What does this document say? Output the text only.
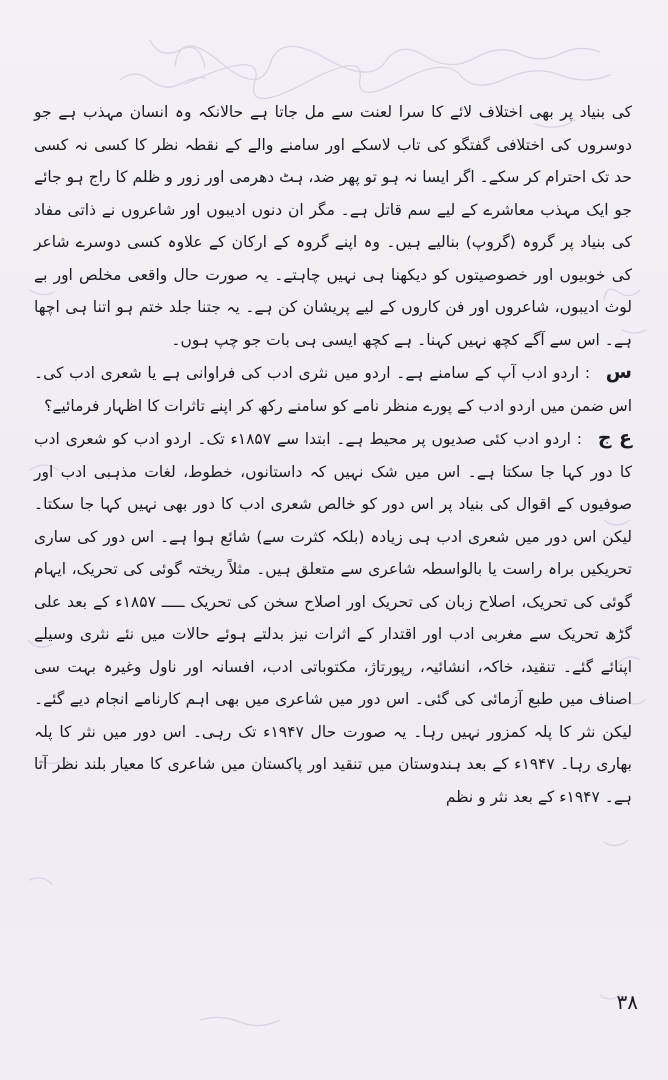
کی بنیاد پر بھی اختلاف لائے کا سرا لعنت سے مل جاتا ہے حالانکہ وہ انسان مہذب ہے جو دوسروں کی اختلافی گفتگو کی تاب لاسکے اور سامنے والے کے نقطہ نظر کا کسی نہ کسی حد تک احترام کر سکے۔ اگر ایسا نہ ہو تو پھر ضد، ہٹ دھرمی اور زور و ظلم کا راج ہو جائے جو ایک مہذب معاشرے کے لیے سم قاتل ہے۔ مگر ان دنوں ادیبوں اور شاعروں نے ذاتی مفاد کی بنیاد پر گروہ (گروپ) بنالیے ہیں۔ وہ اپنے گروہ کے ارکان کے علاوہ کسی دوسرے شاعر کی خوبیوں اور خصوصیتوں کو دیکھنا ہی نہیں چاہتے۔ یہ صورت حال واقعی مخلص اور بے لوث ادیبوں، شاعروں اور فن کاروں کے لیے پریشان کن ہے۔ یہ جتنا جلد ختم ہو اتنا ہی اچھا ہے۔ اس سے آگے کچھ نہیں کہنا۔ ہے کچھ ایسی ہی بات جو چپ ہوں۔

س : اردو ادب آپ کے سامنے ہے۔ اردو میں نثری ادب کی فراوانی ہے یا شعری ادب کی۔ اس ضمن میں اردو ادب کے پورے منظر نامے کو سامنے رکھ کر اپنے تاثرات کا اظہار فرمائیے؟

ع ج : اردو ادب کئی صدیوں پر محیط ہے۔ ابتدا سے ۱۸۵۷ء تک۔ اردو ادب کو شعری ادب کا دور کہا جا سکتا ہے۔ اس میں شک نہیں کہ داستانوں، خطوط، لغات مذہبی ادب اور صوفیوں کے اقوال کی بنیاد پر اس دور کو خالص شعری ادب کا دور بھی نہیں کہا جا سکتا۔ لیکن اس دور میں شعری ادب ہی زیادہ (بلکہ کثرت سے) شائع ہوا ہے۔ اس دور کی ساری تحریکیں براہ راست یا بالواسطہ شاعری سے متعلق ہیں۔ مثلاً ریختہ گوئی کی تحریک، ایہام گوئی کی تحریک، اصلاح زبان کی تحریک اور اصلاح سخن کی تحریک ـــــ ۱۸۵۷ء کے بعد علی گڑھ تحریک سے مغربی ادب اور اقتدار کے اثرات نیز بدلتے ہوئے حالات میں نئے نثری وسیلے اپنائے گئے۔ تنقید، خاکہ، انشائیہ، رپورتاژ، مکتوباتی ادب، افسانہ اور ناول وغیرہ بہت سی اصناف میں طبع آزمائی کی گئی۔ اس دور میں شاعری میں بھی اہم کارنامے انجام دیے گئے۔ لیکن نثر کا پلہ کمزور نہیں رہا۔ یہ صورت حال ۱۹۴۷ء تک رہی۔ اس دور میں نثر کا پلہ بھاری رہا۔ ۱۹۴۷ء کے بعد ہندوستان میں تنقید اور پاکستان میں شاعری کا معیار بلند نظر آتا ہے۔ ۱۹۴۷ء کے بعد نثر و نظم

۳۸
